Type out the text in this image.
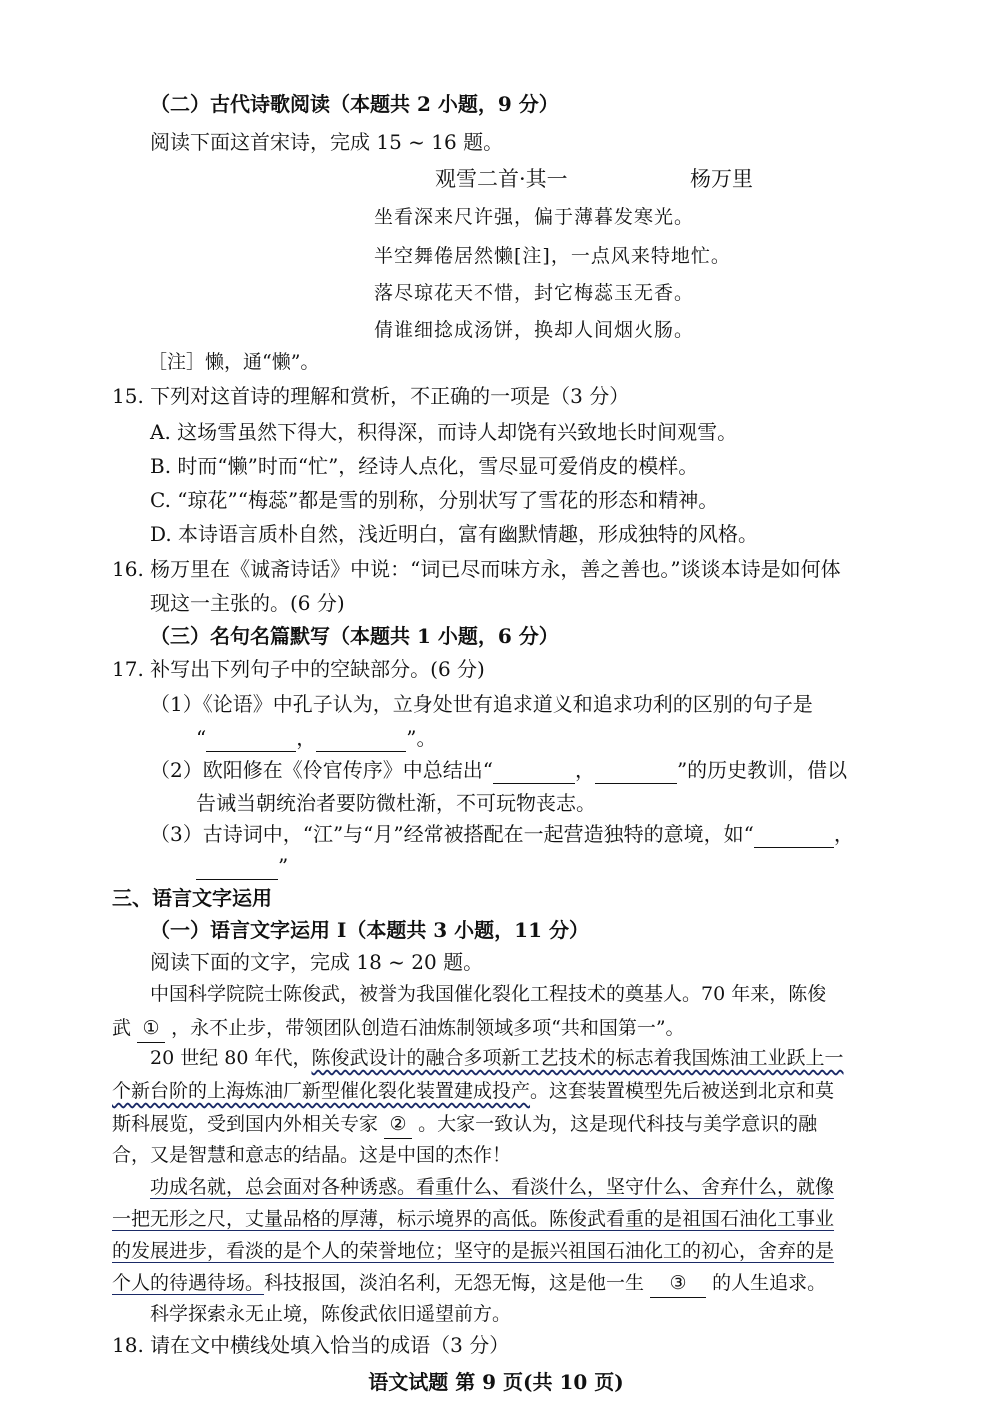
（二）古代诗歌阅读（本题共 2 小题，9 分）
阅读下面这首宋诗，完成 15 ~ 16 题。
观雪二首·其一	杨万里
坐看深来尺许强，偏于薄暮发寒光。
半空舞倦居然懒[注]，一点风来特地忙。
落尽琼花天不惜，封它梅蕊玉无香。
倩谁细捻成汤饼，换却人间烟火肠。
［注］懒，通“懒”。
15. 下列对这首诗的理解和赏析，不正确的一项是（3 分）
A. 这场雪虽然下得大，积得深，而诗人却饶有兴致地长时间观雪。
B. 时而“懒”时而“忙”，经诗人点化，雪尽显可爱俏皮的模样。
C. “琼花”“梅蕊”都是雪的别称，分别状写了雪花的形态和精神。
D. 本诗语言质朴自然，浅近明白，富有幽默情趣，形成独特的风格。
16. 杨万里在《诚斋诗话》中说：“词已尽而味方永，善之善也。”谈谈本诗是如何体
现这一主张的。(6 分)
（三）名句名篇默写（本题共 1 小题，6 分）
17. 补写出下列句子中的空缺部分。(6 分)
（1）《论语》中孔子认为，立身处世有追求道义和追求功利的区别的句子是
“	，	”。
（2）欧阳修在《伶官传序》中总结出“	，	”的历史教训，借以
告诫当朝统治者要防微杜渐，不可玩物丧志。
（3）古诗词中，“江”与“月”经常被搭配在一起营造独特的意境，如“	，
”
三、语言文字运用
（一）语言文字运用 I（本题共 3 小题，11 分）
阅读下面的文字，完成 18 ~ 20 题。
中国科学院院士陈俊武，被誉为我国催化裂化工程技术的奠基人。70 年来，陈俊
武 ① ，永不止步，带领团队创造石油炼制领域多项“共和国第一”。
20 世纪 80 年代，陈俊武设计的融合多项新工艺技术的标志着我国炼油工业跃上一
个新台阶的上海炼油厂新型催化裂化装置建成投产。这套装置模型先后被送到北京和莫
斯科展览，受到国内外相关专家 ② 。大家一致认为，这是现代科技与美学意识的融
合，又是智慧和意志的结晶。这是中国的杰作！
功成名就，总会面对各种诱惑。看重什么、看淡什么，坚守什么、舍弃什么，就像
一把无形之尺，丈量品格的厚薄，标示境界的高低。陈俊武看重的是祖国石油化工事业
的发展进步，看淡的是个人的荣誉地位；坚守的是振兴祖国石油化工的初心，舍弃的是
个人的待遇待场。科技报国，淡泊名利，无怨无悔，这是他一生 ③ 的人生追求。
科学探索永无止境，陈俊武依旧遥望前方。
18. 请在文中横线处填入恰当的成语（3 分）
语文试题 第 9 页(共 10 页)
